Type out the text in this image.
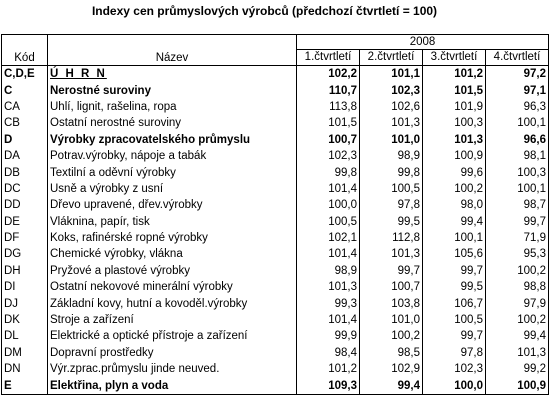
Indexy cen průmyslových výrobců (předchozí čtvrtletí = 100)
Kód	Název	2008			
		1.čtvrtletí	2.čtvrtletí	3.čtvrtletí	4.čtvrtletí
C,D,E	Ú H R N	102,2	101,1	101,2	97,2
C	Nerostné suroviny	110,7	102,3	101,5	97,1
CA	Uhlí, lignit, rašelina, ropa	113,8	102,6	101,9	96,3
CB	Ostatní nerostné suroviny	101,5	101,3	100,3	100,1
D	Výrobky zpracovatelského průmyslu	100,7	101,0	101,3	96,6
DA	Potrav.výrobky, nápoje a tabák	102,3	98,9	100,9	98,1
DB	Textilní a oděvní výrobky	99,8	99,8	99,6	100,3
DC	Usně a výrobky z usní	101,4	100,5	100,2	100,1
DD	Dřevo upravené, dřev.výrobky	100,0	97,8	98,0	98,7
DE	Vláknina, papír, tisk	100,5	99,5	99,4	99,7
DF	Koks, rafinérské ropné výrobky	102,1	112,8	100,1	71,9
DG	Chemické výrobky, vlákna	101,4	101,3	105,6	95,3
DH	Pryžové a plastové výrobky	98,9	99,7	99,7	100,2
DI	Ostatní nekovové minerální výrobky	101,3	100,7	99,5	98,8
DJ	Základní kovy, hutní a kovoděl.výrobky	99,3	103,8	106,7	97,9
DK	Stroje a zařízení	101,4	101,0	100,5	100,2
DL	Elektrické a optické přístroje a zařízení	99,9	100,2	99,7	99,4
DM	Dopravní prostředky	98,4	98,5	97,8	101,3
DN	Výr.zprac.průmyslu jinde neuved.	101,2	102,9	102,3	99,2
E	Elektřina, plyn a voda	109,3	99,4	100,0	100,9
